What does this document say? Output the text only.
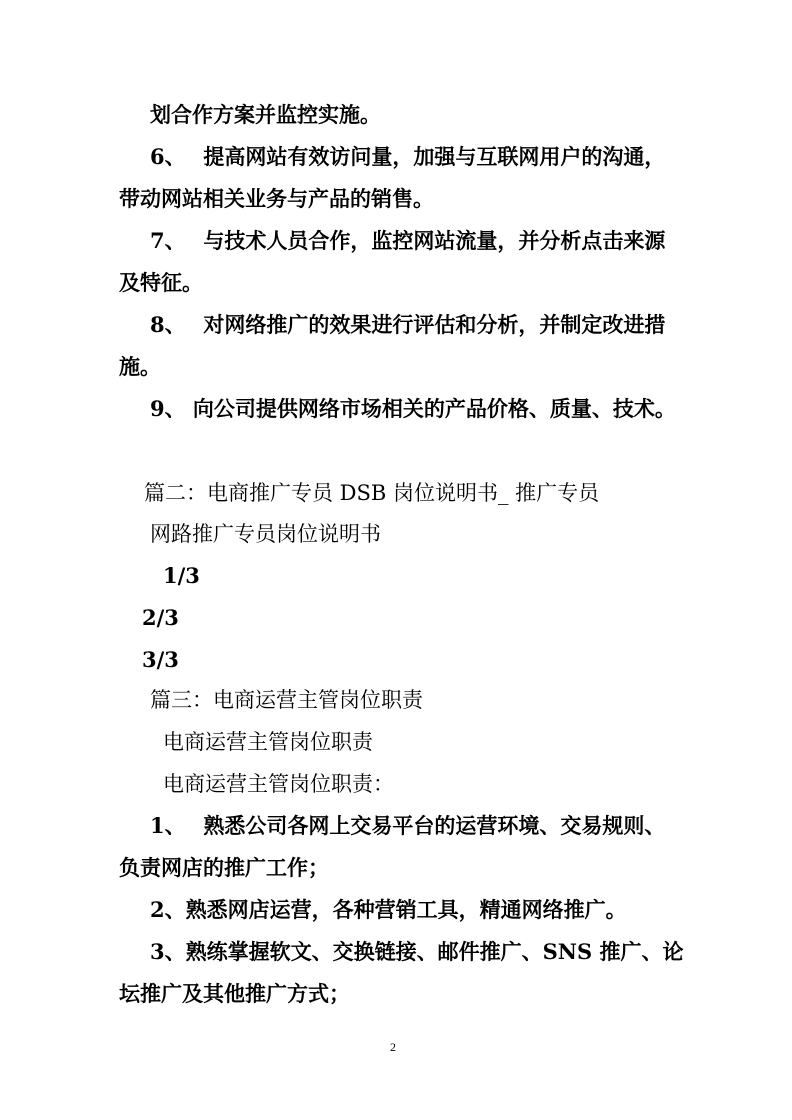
划合作方案并监控实施。
6、　 提高网站有效访问量，加强与互联网用户的沟通，
带动网站相关业务与产品的销售。
7、　 与技术人员合作，监控网站流量，并分析点击来源
及特征。
8、　 对网络推广的效果进行评估和分析，并制定改进措
施。
9、 向公司提供网络市场相关的产品价格、质量、技术。
篇二：电商推广专员 DSB 岗位说明书_ 推广专员
网路推广专员岗位说明书
1/3
2/3
3/3
篇三：电商运营主管岗位职责
电商运营主管岗位职责
电商运营主管岗位职责：
1、　 熟悉公司各网上交易平台的运营环境、交易规则、
负责网店的推广工作；
2、熟悉网店运营，各种营销工具，精通网络推广。
3、熟练掌握软文、交换链接、邮件推广、SNS 推广、论
坛推广及其他推广方式；
2
